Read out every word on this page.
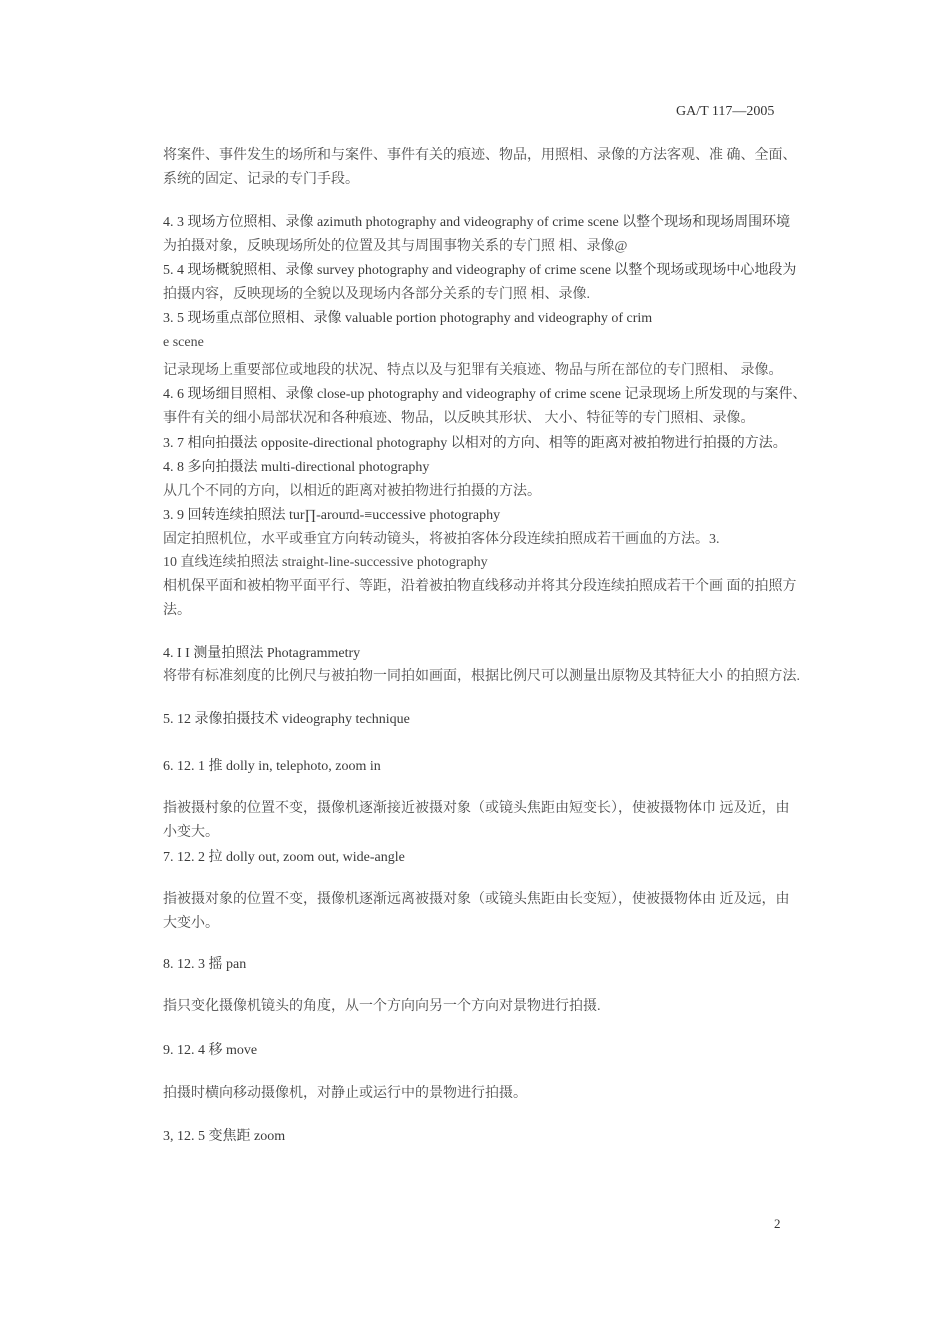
GA/T 117—2005
将案件、事件发生的场所和与案件、事件有关的痕迹、物品，用照相、录像的方法客观、准 确、全面、
系统的固定、记录的专门手段。
4. 3 现场方位照相、录像 azimuth photography and videography of crime scene 以整个现场和现场周围环境
为拍摄对象，反映现场所处的位置及其与周围事物关系的专门照 相、录像@
5. 4 现场概貌照相、录像 survey photography and videography of crime scene 以整个现场或现场中心地段为
拍摄内容，反映现场的全貌以及现场内各部分关系的专门照 相、录像.
3. 5 现场重点部位照相、录像 valuable portion photography and videography of crim
e scene
记录现场上重要部位或地段的状况、特点以及与犯罪有关痕迹、物品与所在部位的专门照相、 录像。
4. 6 现场细目照相、录像 close-up photography and videography of crime scene 记录现场上所发现的与案件、
事件有关的细小局部状况和各种痕迹、物品，以反映其形状、 大小、特征等的专门照相、录像。
3. 7 相向拍摄法 opposite-directional photography 以相对的方向、相等的距离对被拍物进行拍摄的方法。
4. 8 多向拍摄法 multi-directional photography
从几个不同的方向，以相近的距离对被拍物进行拍摄的方法。
3. 9 回转连续拍照法 tur∏-arouπd-≡uccessive photography
固定拍照机位，水平或垂宜方向转动镜头，将被拍客体分段连续拍照成若干画血的方法。3.
10 直线连续拍照法 straight-line-successive photography
相机保平面和被柏物平面平行、等距，沿着被拍物直线移动并将其分段连续拍照成若干个画 面的拍照方
法。
4. I I 测量拍照法 Photagrammetry
将带有标准刻度的比例尺与被拍物一同拍如画面，根据比例尺可以测量出原物及其特征大小 的拍照方法.
5. 12 录像拍摄技术 videography technique
6. 12. 1 推 dolly in, telephoto, zoom in
指被摄村象的位置不变，摄像机逐渐接近被摄对象（或镜头焦距由短变长），使被摄物体巾 远及近，由
小变大。
7. 12. 2 拉 dolly out, zoom out, wide-angle
指被摄对象的位置不变，摄像机逐渐远离被摄对象（或镜头焦距由长变短），使被摄物体由 近及远，由
大变小。
8. 12. 3 摇 pan
指只变化摄像机镜头的角度，从一个方向向另一个方向对景物进行拍摄.
9. 12. 4 移 move
拍摄时横向移动摄像机，对静止或运行中的景物进行拍摄。
3, 12. 5 变焦距 zoom
2
